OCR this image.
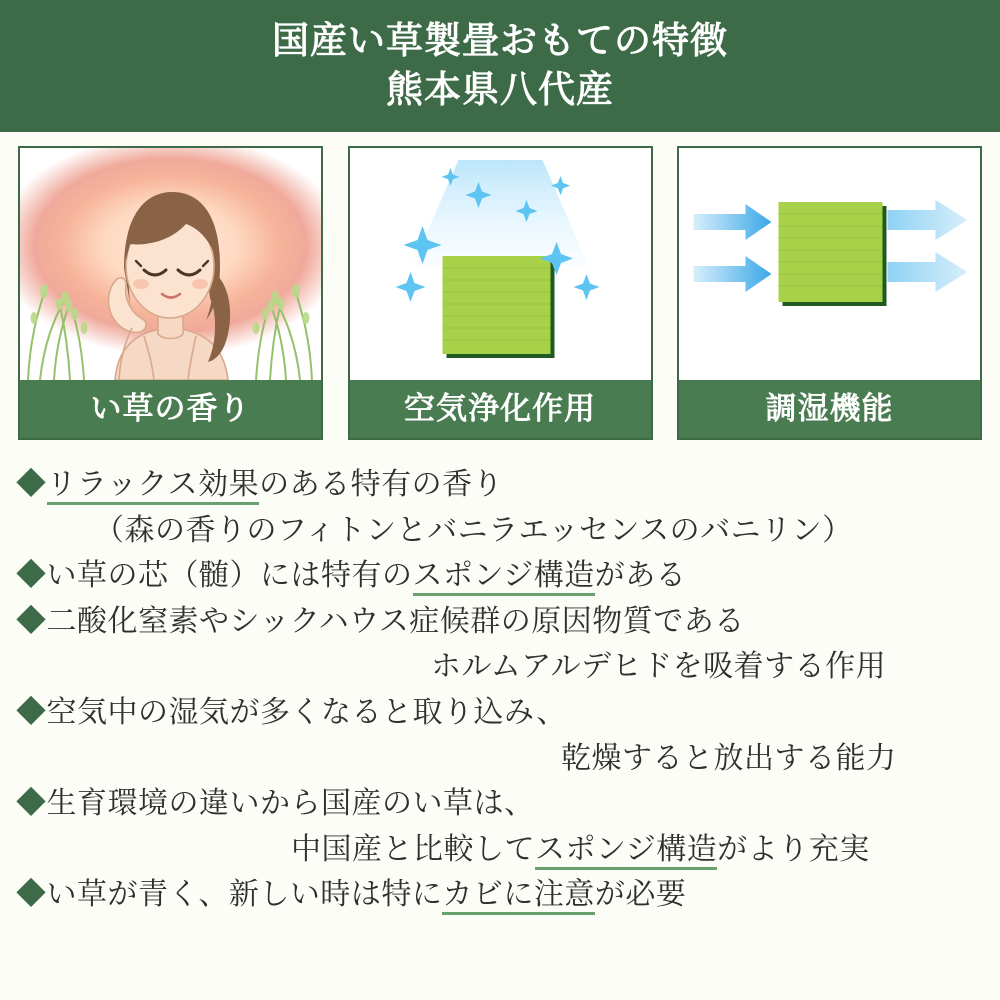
国産い草製畳おもての特徴
熊本県八代産
い草の香り	空気浄化作用	調湿機能
◆リラックス効果のある特有の香り
（森の香りのフィトンとバニラエッセンスのバニリン）
◆い草の芯（髄）には特有のスポンジ構造がある
◆二酸化窒素やシックハウス症候群の原因物質である
ホルムアルデヒドを吸着する作用
◆空気中の湿気が多くなると取り込み、
乾燥すると放出する能力
◆生育環境の違いから国産のい草は、
中国産と比較してスポンジ構造がより充実
◆い草が青く、新しい時は特にカビに注意が必要
